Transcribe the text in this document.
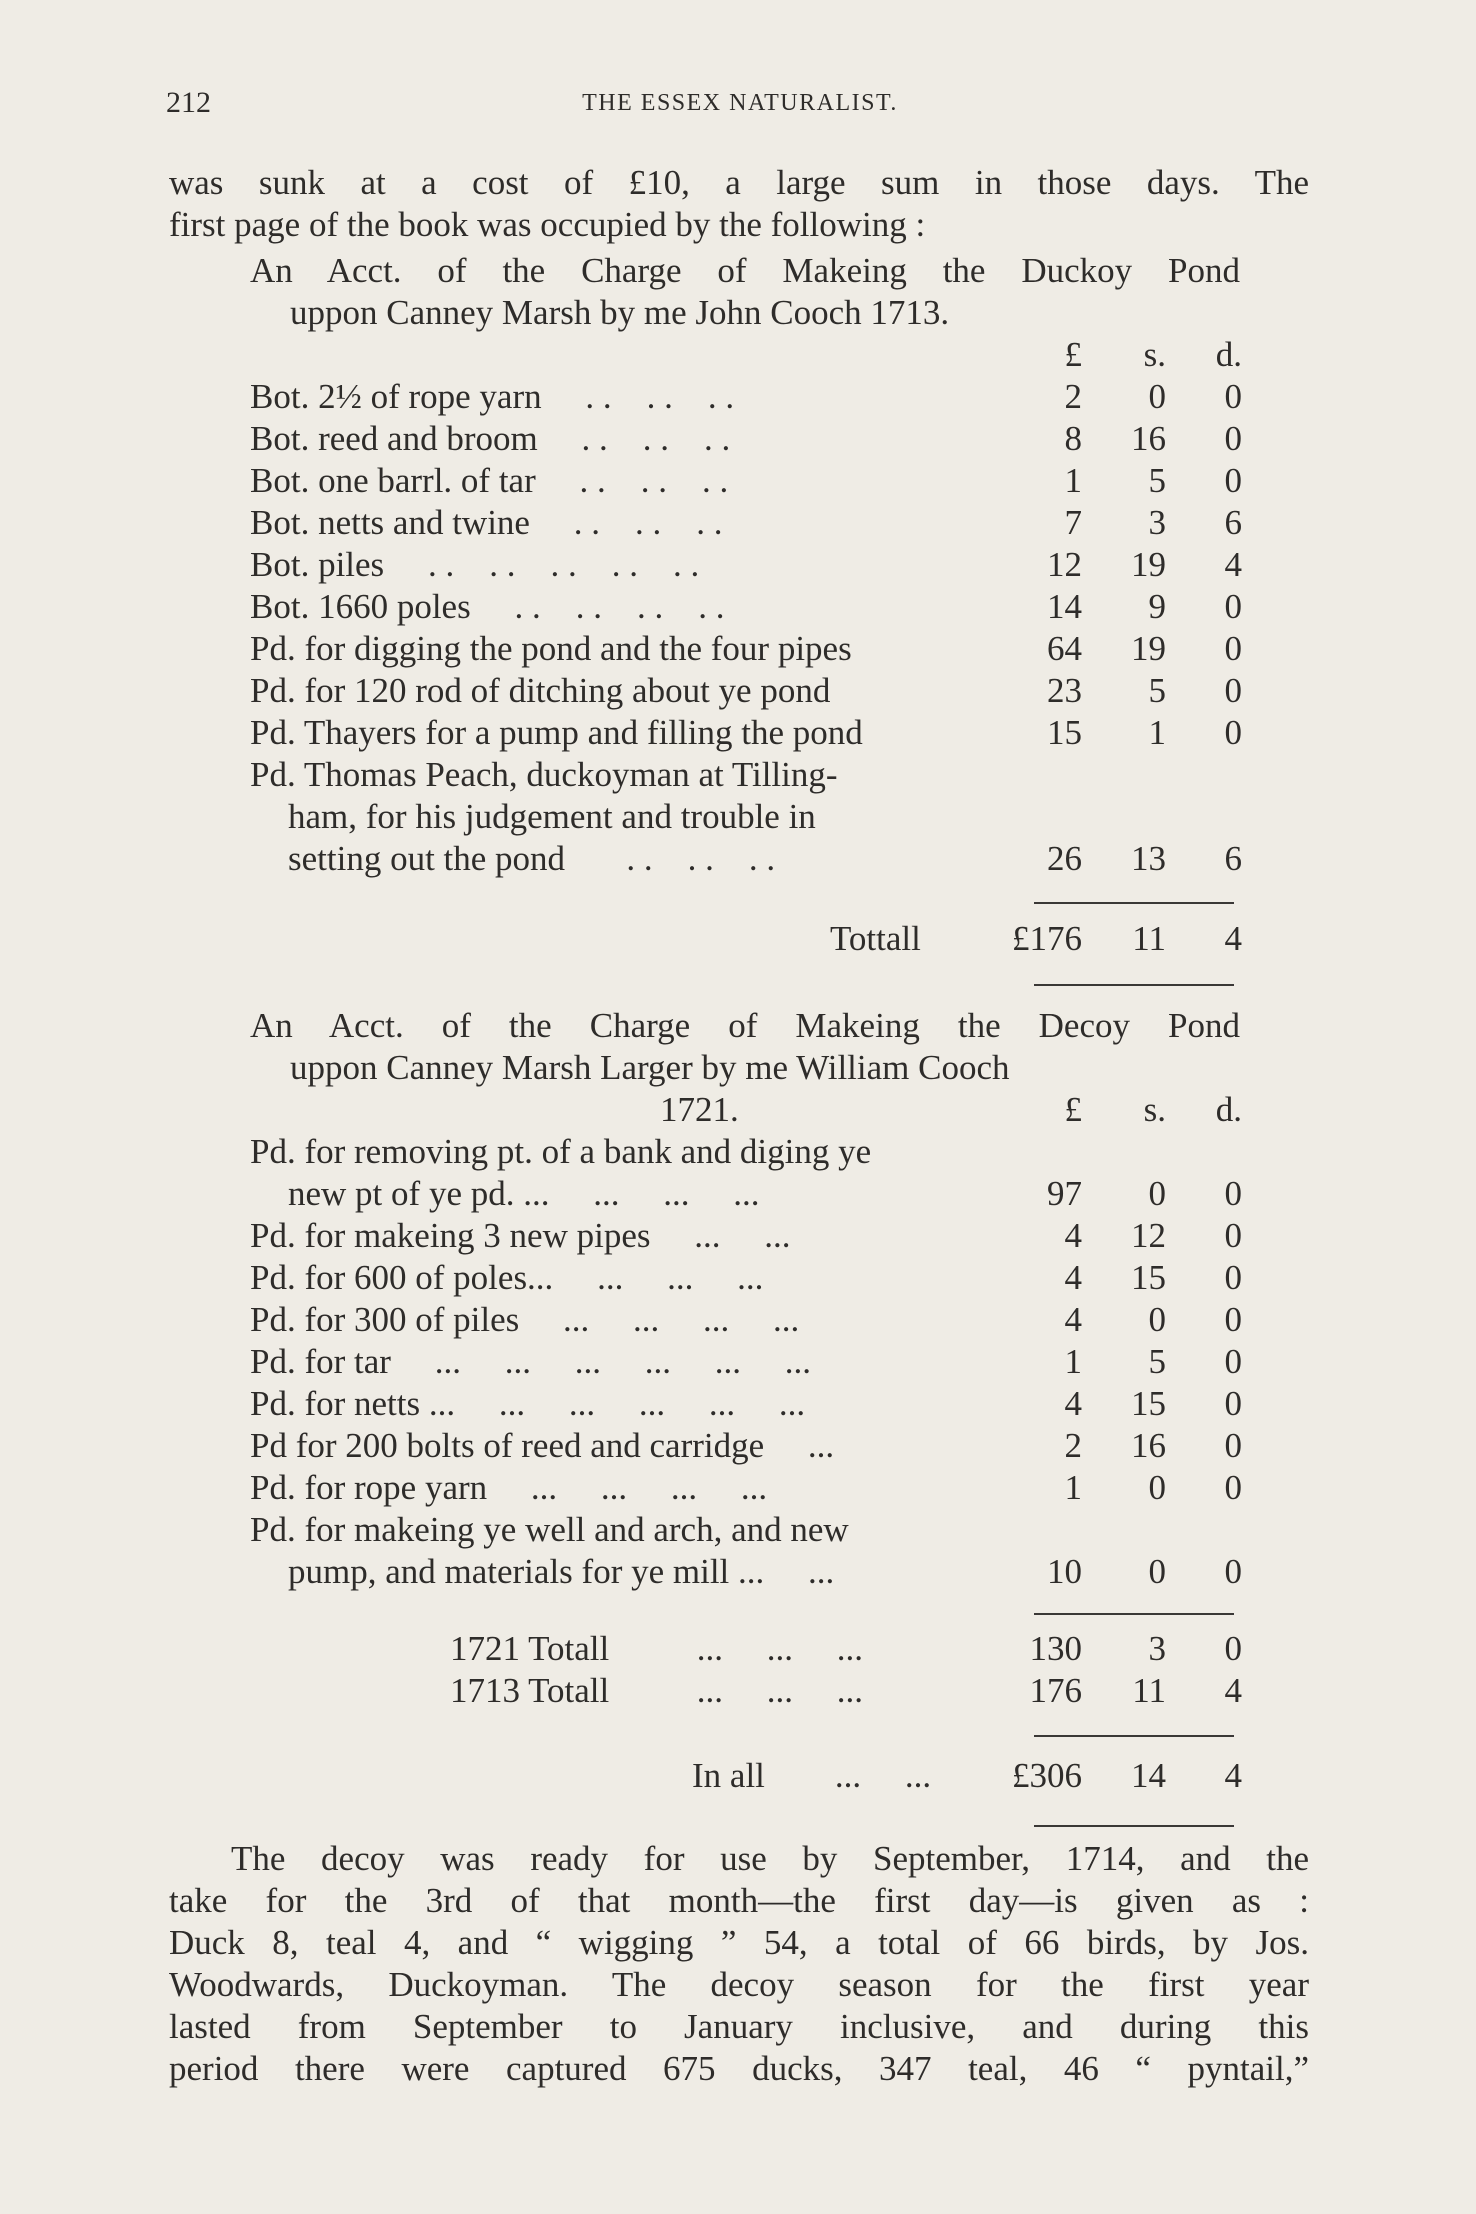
212	THE ESSEX NATURALIST.

was sunk at a cost of £10, a large sum in those days. The
first page of the book was occupied by the following :

An Acct. of the Charge of Makeing the Duckoy Pond
uppon Canney Marsh by me John Cooch 1713.
£	s.	d.
Bot. 2½ of rope yarn . .    . .    . .	2	0	0
Bot. reed and broom . .    . .    . .	8	16	0
Bot. one barrl. of tar . .    . .    . .	1	5	0
Bot. netts and twine . .    . .    . .	7	3	6
Bot. piles . .    . .    . .    . .    . .	12	19	4
Bot. 1660 poles . .    . .    . .    . .	14	9	0
Pd. for digging the pond and the four pipes	64	19	0
Pd. for 120 rod of ditching about ye pond	23	5	0
Pd. Thayers for a pump and filling the pond	15	1	0
Pd. Thomas Peach, duckoyman at Tilling-
ham, for his judgement and trouble in
setting out the pond . .    . .    . .	26	13	6
Tottall	£176	11	4
An Acct. of the Charge of Makeing the Decoy Pond
uppon Canney Marsh Larger by me William Cooch
1721.	£	s.	d.
Pd. for removing pt. of a bank and diging ye
new pt of ye pd. ... ...     ...     ...	97	0	0
Pd. for makeing 3 new pipes ...     ...	4	12	0
Pd. for 600 of poles... ...     ...     ...	4	15	0
Pd. for 300 of piles ...     ...     ...     ...	4	0	0
Pd. for tar ...     ...     ...     ...     ...     ...	1	5	0
Pd. for netts ... ...     ...     ...     ...     ...	4	15	0
Pd for 200 bolts of reed and carridge ...	2	16	0
Pd. for rope yarn ...     ...     ...     ...	1	0	0
Pd. for makeing ye well and arch, and new
pump, and materials for ye mill ... ...	10	0	0
1721 Totall	...     ...     ...	130	3	0
1713 Totall	...     ...     ...	176	11	4
In all ...     ... £306	14	4

The decoy was ready for use by September, 1714, and the
take for the 3rd of that month—the first day—is given as :
Duck 8, teal 4, and “ wigging ” 54, a total of 66 birds, by Jos.
Woodwards, Duckoyman. The decoy season for the first year
lasted from September to January inclusive, and during this
period there were captured 675 ducks, 347 teal, 46 “ pyntail,”
